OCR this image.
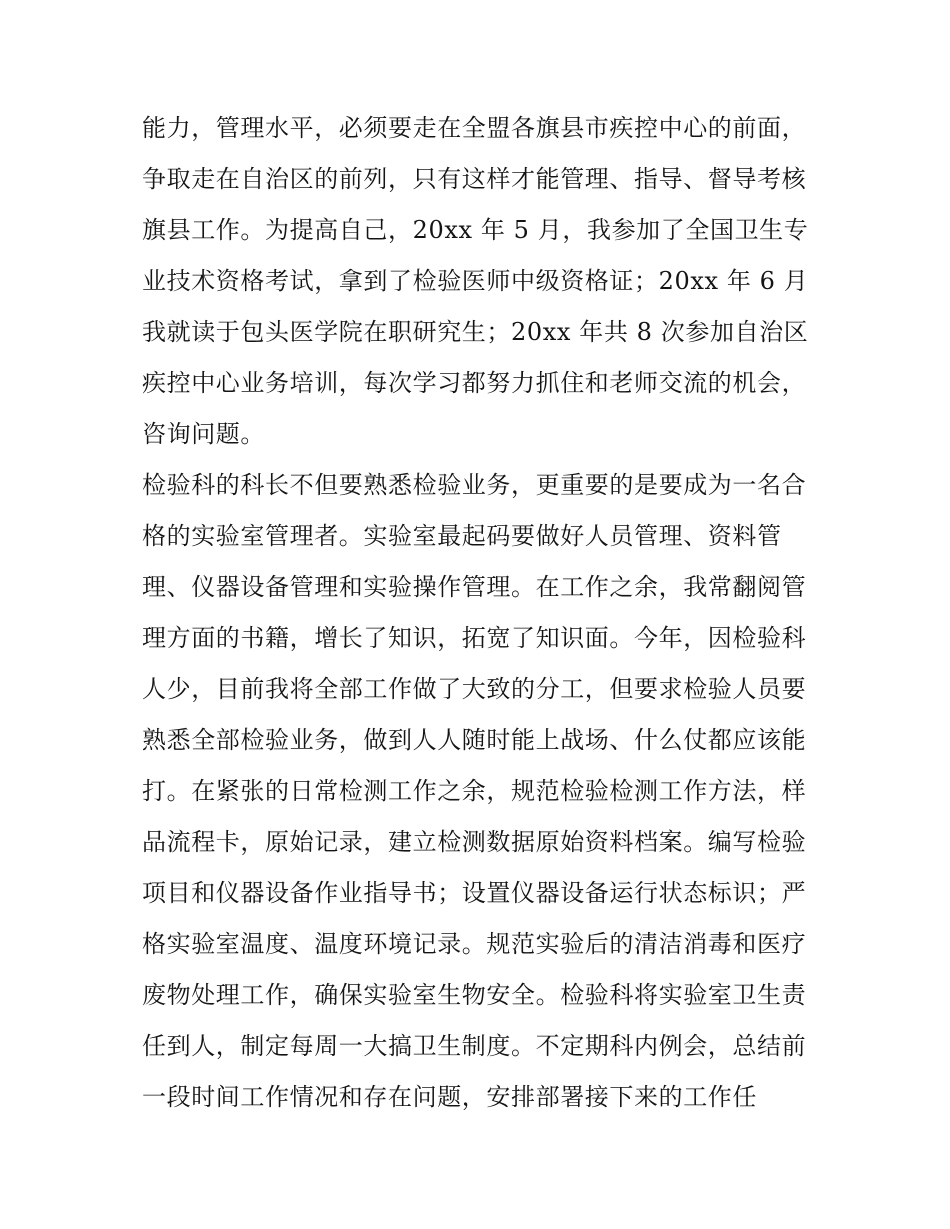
能力，管理水平，必须要走在全盟各旗县市疾控中心的前面，
争取走在自治区的前列，只有这样才能管理、指导、督导考核
旗县工作。为提高自己，20xx 年 5 月，我参加了全国卫生专
业技术资格考试，拿到了检验医师中级资格证；20xx 年 6 月
我就读于包头医学院在职研究生；20xx 年共 8 次参加自治区
疾控中心业务培训，每次学习都努力抓住和老师交流的机会，
咨询问题。
检验科的科长不但要熟悉检验业务，更重要的是要成为一名合
格的实验室管理者。实验室最起码要做好人员管理、资料管
理、仪器设备管理和实验操作管理。在工作之余，我常翻阅管
理方面的书籍，增长了知识，拓宽了知识面。今年，因检验科
人少，目前我将全部工作做了大致的分工，但要求检验人员要
熟悉全部检验业务，做到人人随时能上战场、什么仗都应该能
打。在紧张的日常检测工作之余，规范检验检测工作方法，样
品流程卡，原始记录，建立检测数据原始资料档案。编写检验
项目和仪器设备作业指导书；设置仪器设备运行状态标识；严
格实验室温度、温度环境记录。规范实验后的清洁消毒和医疗
废物处理工作，确保实验室生物安全。检验科将实验室卫生责
任到人，制定每周一大搞卫生制度。不定期科内例会，总结前
一段时间工作情况和存在问题，安排部署接下来的工作任
